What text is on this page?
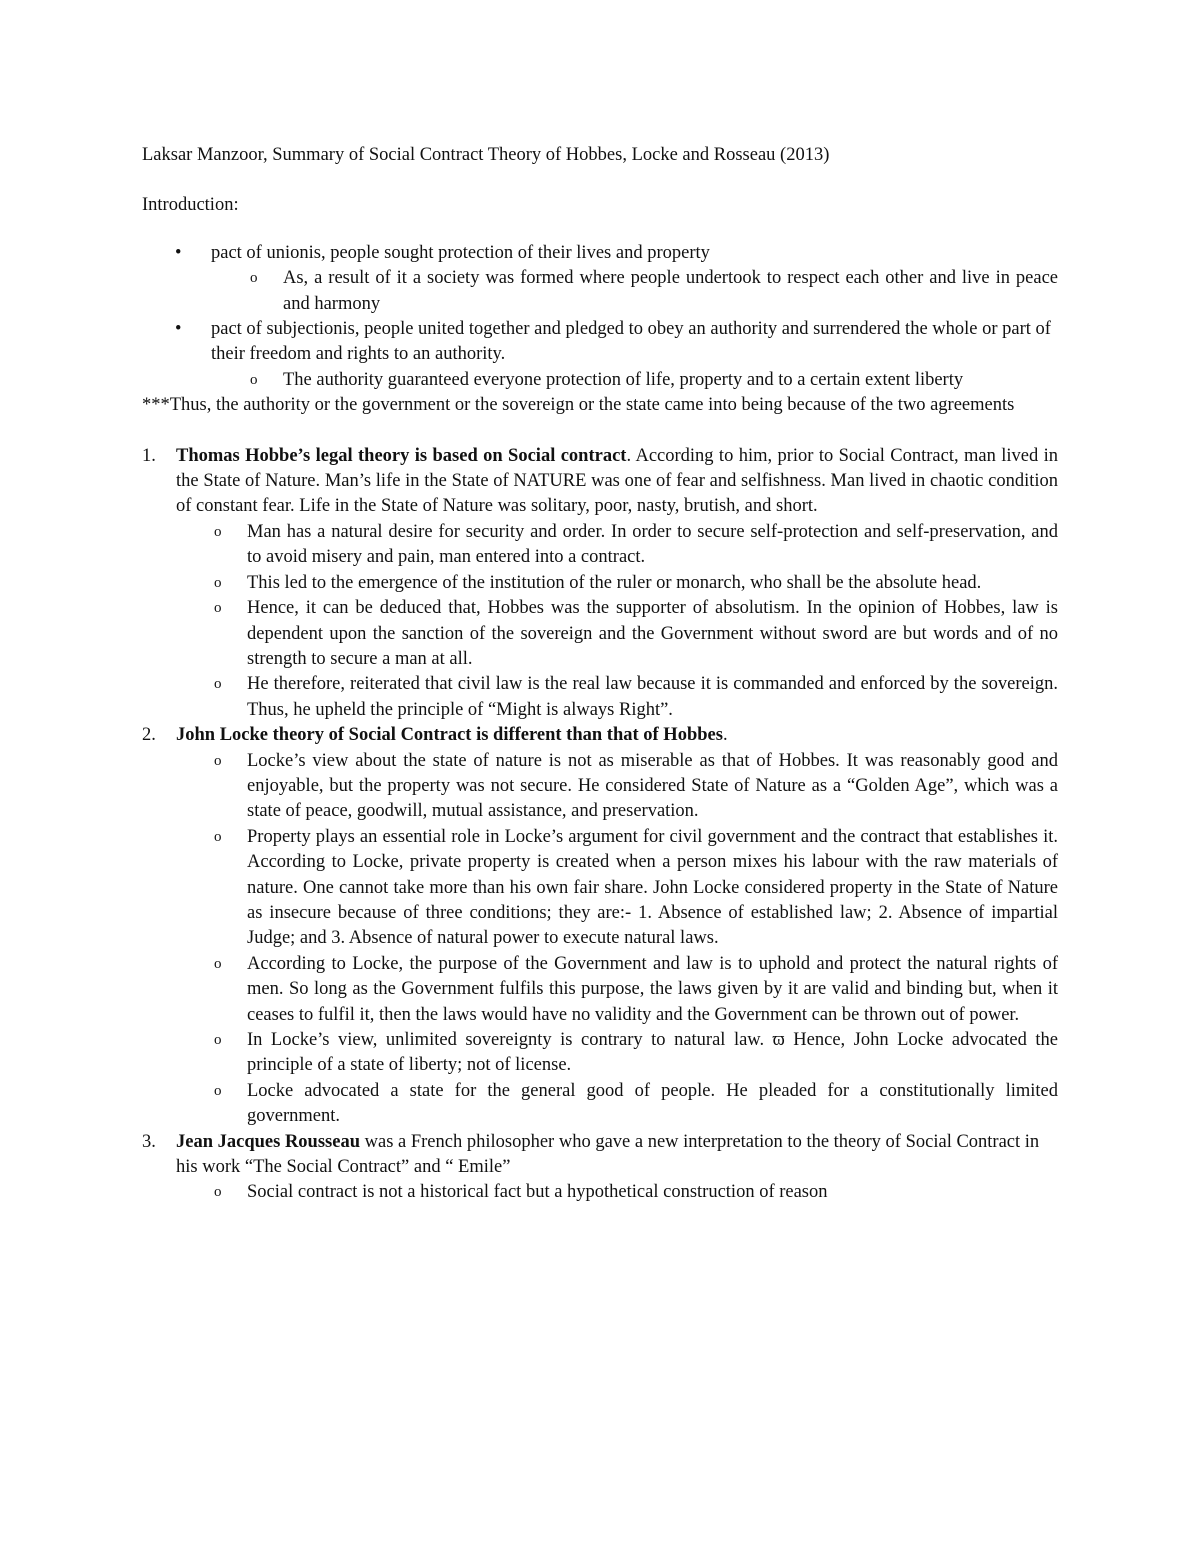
Laksar Manzoor, Summary of Social Contract Theory of Hobbes, Locke and Rosseau (2013)

Introduction:

• pact of unionis, people sought protection of their lives and property
o As, a result of it a society was formed where people undertook to respect each other and live in peace and harmony
• pact of subjectionis, people united together and pledged to obey an authority and surrendered the whole or part of their freedom and rights to an authority.
o The authority guaranteed everyone protection of life, property and to a certain extent liberty

***Thus, the authority or the government or the sovereign or the state came into being because of the two agreements

1. Thomas Hobbe’s legal theory is based on Social contract. According to him, prior to Social Contract, man lived in the State of Nature. Man’s life in the State of NATURE was one of fear and selfishness. Man lived in chaotic condition of constant fear. Life in the State of Nature was solitary, poor, nasty, brutish, and short.
o Man has a natural desire for security and order. In order to secure self-protection and self-preservation, and to avoid misery and pain, man entered into a contract.
o This led to the emergence of the institution of the ruler or monarch, who shall be the absolute head.
o Hence, it can be deduced that, Hobbes was the supporter of absolutism. In the opinion of Hobbes, law is dependent upon the sanction of the sovereign and the Government without sword are but words and of no strength to secure a man at all.
o He therefore, reiterated that civil law is the real law because it is commanded and enforced by the sovereign. Thus, he upheld the principle of “Might is always Right”.
2. John Locke theory of Social Contract is different than that of Hobbes.
o Locke’s view about the state of nature is not as miserable as that of Hobbes. It was reasonably good and enjoyable, but the property was not secure. He considered State of Nature as a “Golden Age”, which was a state of peace, goodwill, mutual assistance, and preservation.
o Property plays an essential role in Locke’s argument for civil government and the contract that establishes it. According to Locke, private property is created when a person mixes his labour with the raw materials of nature. One cannot take more than his own fair share. John Locke considered property in the State of Nature as insecure because of three conditions; they are:- 1. Absence of established law; 2. Absence of impartial Judge; and 3. Absence of natural power to execute natural laws.
o According to Locke, the purpose of the Government and law is to uphold and protect the natural rights of men. So long as the Government fulfils this purpose, the laws given by it are valid and binding but, when it ceases to fulfil it, then the laws would have no validity and the Government can be thrown out of power.
o In Locke’s view, unlimited sovereignty is contrary to natural law. ϖ Hence, John Locke advocated the principle of a state of liberty; not of license.
o Locke advocated a state for the general good of people. He pleaded for a constitutionally limited government.
3. Jean Jacques Rousseau was a French philosopher who gave a new interpretation to the theory of Social Contract in his work “The Social Contract” and “ Emile”
o Social contract is not a historical fact but a hypothetical construction of reason
